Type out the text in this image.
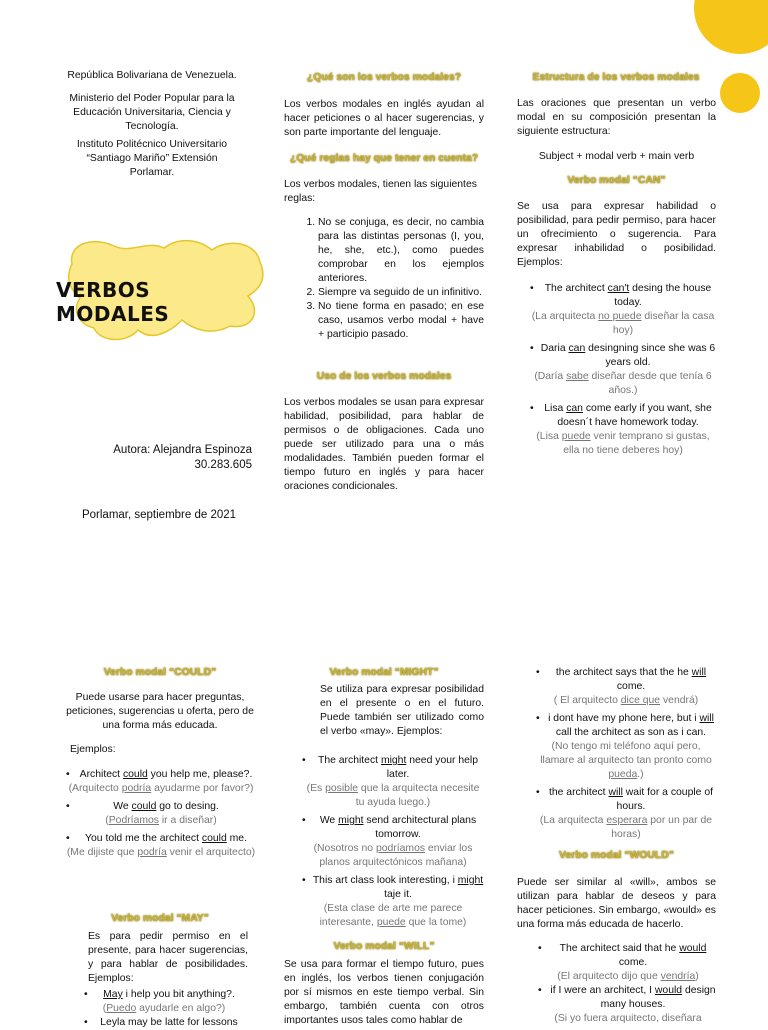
República Bolivariana de Venezuela.
Ministerio del Poder Popular para la Educación Universitaria, Ciencia y Tecnología.
Instituto Politécnico Universitario “Santiago Mariño” Extensión Porlamar.
VERBOS MODALES
Autora: Alejandra Espinoza
30.283.605
Porlamar, septiembre de 2021
¿Qué son los verbos modales?
Los verbos modales en inglés ayudan al hacer peticiones o al hacer sugerencias, y son parte importante del lenguaje.
¿Qué reglas hay que tener en cuenta?
Los verbos modales, tienen las siguientes reglas:
1. No se conjuga, es decir, no cambia para las distintas personas (I, you, he, she, etc.), como puedes comprobar en los ejemplos anteriores.
2. Siempre va seguido de un infinitivo.
3. No tiene forma en pasado; en ese caso, usamos verbo modal + have + participio pasado.
Uso de los verbos modales
Los verbos modales se usan para expresar habilidad, posibilidad, para hablar de permisos o de obligaciones. Cada uno puede ser utilizado para una o más modalidades. También pueden formar el tiempo futuro en inglés y para hacer oraciones condicionales.
Estructura de los verbos modales
Las oraciones que presentan un verbo modal en su composición presentan la siguiente estructura:
Subject + modal verb + main verb
Verbo modal “CAN”
Se usa para expresar habilidad o posibilidad, para pedir permiso, para hacer un ofrecimiento o sugerencia. Para expresar inhabilidad o posibilidad. Ejemplos:
• The architect can't desing the house today.
(La arquitecta no puede diseñar la casa hoy)
• Daria can desingning since she was 6 years old.
(Daría sabe diseñar desde que tenía 6 años.)
• Lisa can come early if you want, she doesn´t have homework today.
(Lisa puede venir temprano si gustas, ella no tiene deberes hoy)
Verbo modal “COULD”
Puede usarse para hacer preguntas, peticiones, sugerencias u oferta, pero de una forma más educada.
Ejemplos:
• Architect could you help me, please?.
(Arquitecto podría ayudarme por favor?)
• We could go to desing.
(Podríamos ir a diseñar)
• You told me the architect could me.
(Me dijiste que podría venir el arquitecto)
Verbo modal “MAY”
Es para pedir permiso en el presente, para hacer sugerencias, y para hablar de posibilidades. Ejemplos:
• May i help you bit anything?.
(Puedo ayudarle en algo?)
• Leyla may be latte for lessons
Verbo modal “MIGHT”
Se utiliza para expresar posibilidad en el presente o en el futuro. Puede también ser utilizado como el verbo «may». Ejemplos:
• The architect might need your help later.
(Es posible que la arquitecta necesite tu ayuda luego.)
• We might send architectural plans tomorrow.
(Nosotros no podríamos enviar los planos arquitectónicos mañana)
• This art class look interesting, i might taje it.
(Esta clase de arte me parece interesante, puede que la tome)
Verbo modal “WILL”
Se usa para formar el tiempo futuro, pues en inglés, los verbos tienen conjugación por sí mismos en este tiempo verbal. Sin embargo, también cuenta con otros importantes usos tales como hablar de
• the architect says that the he will come.
( El arquitecto dice que vendrá)
• i dont have my phone here, but i will call the architect as son as i can.
(No tengo mi teléfono aquí pero, llamare al arquitecto tan pronto como pueda.)
• the architect will wait for a couple of hours.
(La arquitecta esperara por un par de horas)
Verbo modal “WOULD”
Puede ser similar al «will», ambos se utilizan para hablar de deseos y para hacer peticiones. Sin embargo, «would» es una forma más educada de hacerlo.
• The architect said that he would come.
(El arquitecto dijo que vendría)
• if I were an architect, I would design many houses.
(Si yo fuera arquitecto, diseñara
